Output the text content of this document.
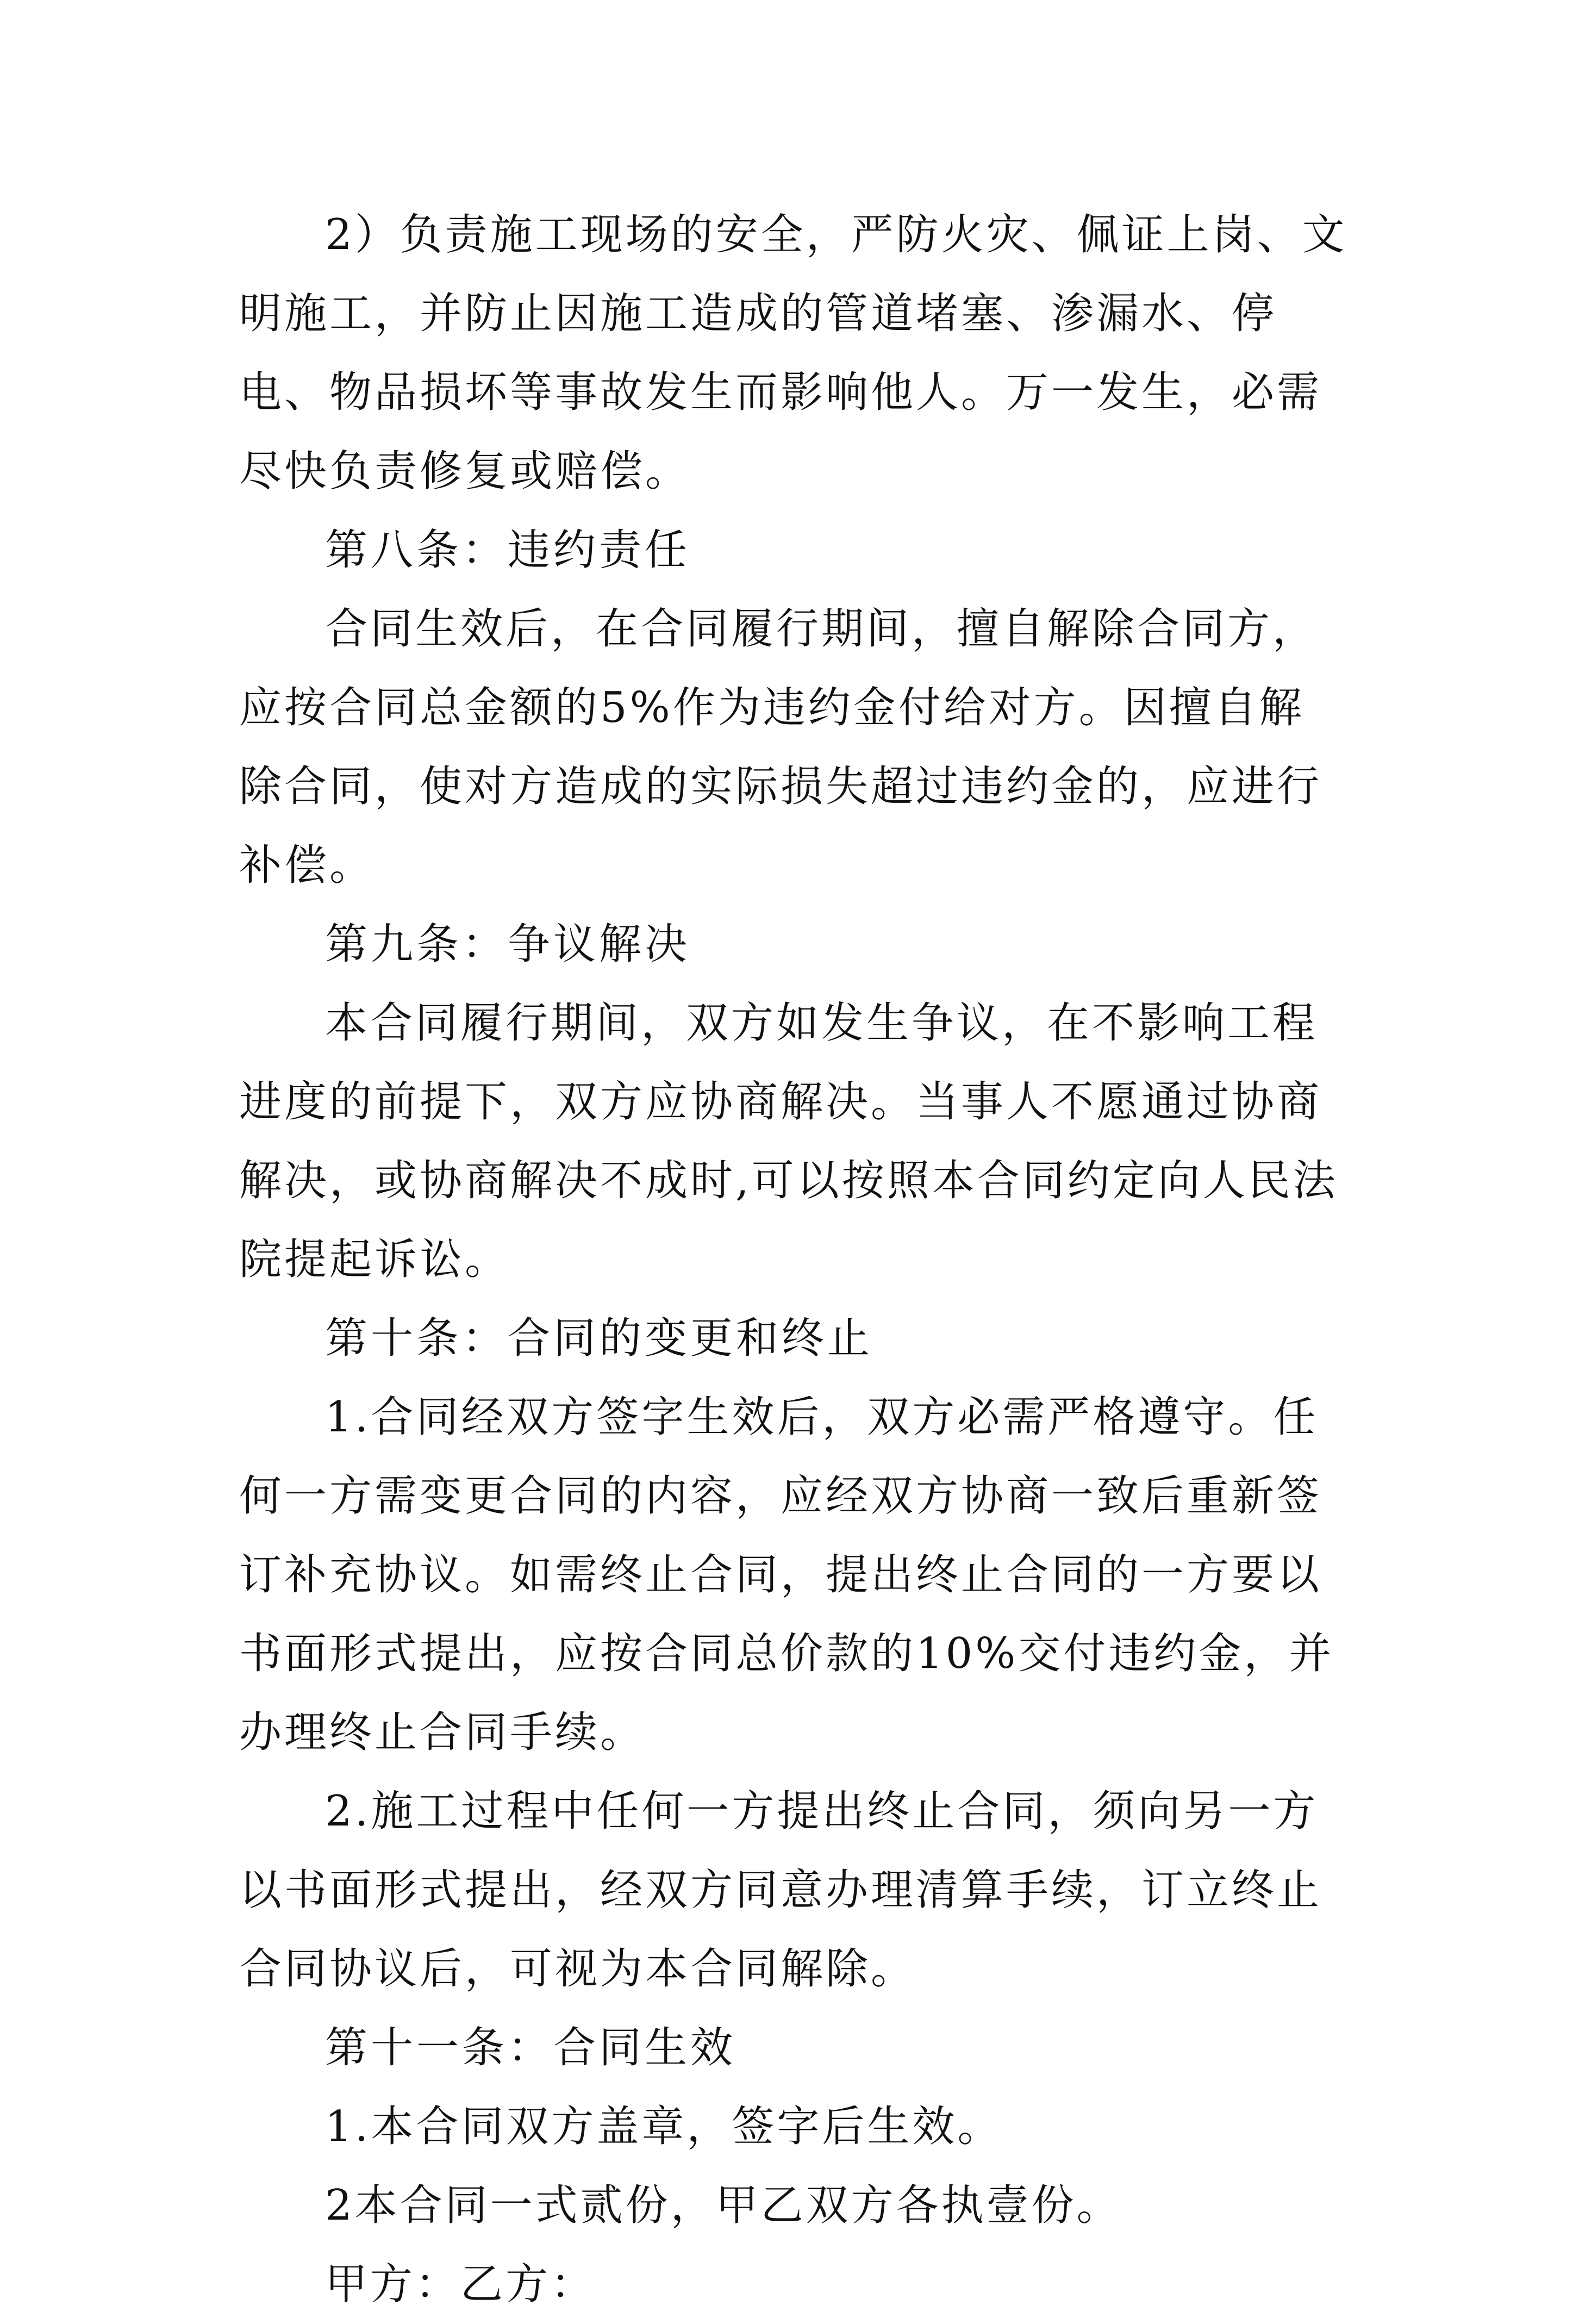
2）负责施工现场的安全，严防火灾、佩证上岗、文明施工，并防止因施工造成的管道堵塞、渗漏水、停电、物品损坏等事故发生而影响他人。万一发生，必需尽快负责修复或赔偿。

第八条：违约责任

合同生效后，在合同履行期间，擅自解除合同方，应按合同总金额的5%作为违约金付给对方。因擅自解除合同，使对方造成的实际损失超过违约金的，应进行补偿。

第九条：争议解决

本合同履行期间，双方如发生争议，在不影响工程进度的前提下，双方应协商解决。当事人不愿通过协商解决，或协商解决不成时,可以按照本合同约定向人民法院提起诉讼。

第十条：合同的变更和终止

1.合同经双方签字生效后，双方必需严格遵守。任何一方需变更合同的内容，应经双方协商一致后重新签订补充协议。如需终止合同，提出终止合同的一方要以书面形式提出，应按合同总价款的10%交付违约金，并办理终止合同手续。

2.施工过程中任何一方提出终止合同，须向另一方以书面形式提出，经双方同意办理清算手续，订立终止合同协议后，可视为本合同解除。

第十一条：合同生效

1.本合同双方盖章，签字后生效。

2本合同一式贰份，甲乙双方各执壹份。

甲方：乙方：
